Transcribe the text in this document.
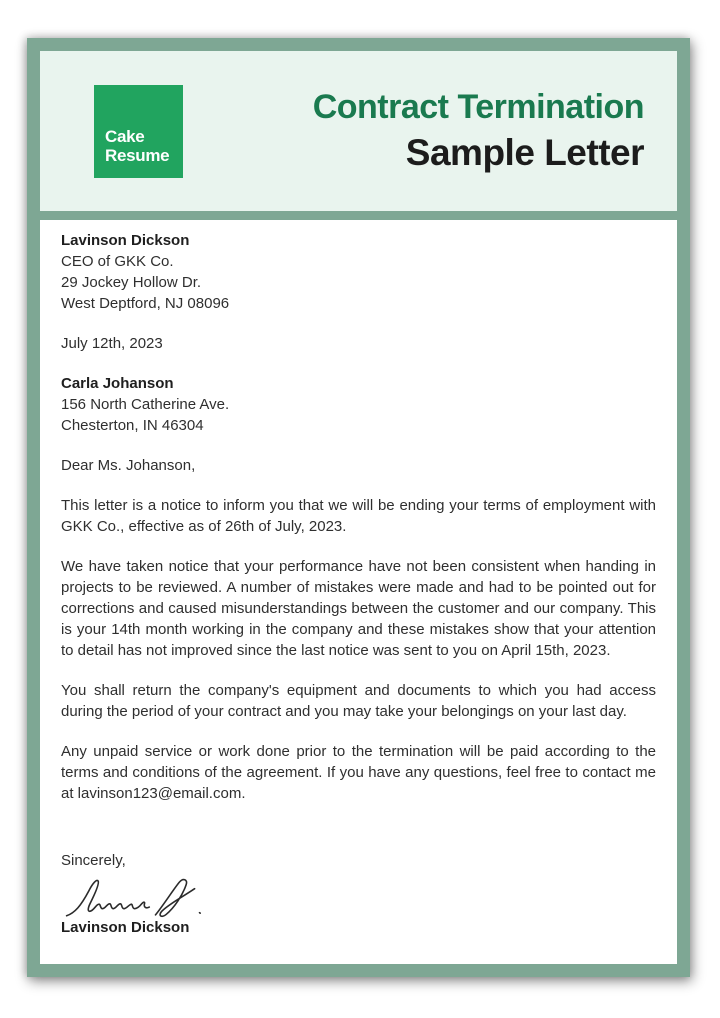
Cake
Resume
Contract Termination
Sample Letter
Lavinson Dickson
CEO of GKK Co.
29 Jockey Hollow Dr.
West Deptford, NJ 08096
July 12th, 2023
Carla Johanson
156 North Catherine Ave.
Chesterton, IN 46304
Dear Ms. Johanson,

This letter is a notice to inform you that we will be ending your terms of employment with GKK Co., effective as of 26th of July, 2023.

We have taken notice that your performance have not been consistent when handing in projects to be reviewed. A number of mistakes were made and had to be pointed out for corrections and caused misunderstandings between the customer and our company. This is your 14th month working in the company and these mistakes show that your attention to detail has not improved since the last notice was sent to you on April 15th, 2023.

You shall return the company's equipment and documents to which you had access during the period of your contract and you may take your belongings on your last day.

Any unpaid service or work done prior to the termination will be paid according to the terms and conditions of the agreement. If you have any questions, feel free to contact me at lavinson123@email.com.

Sincerely,
Lavinson Dickson
